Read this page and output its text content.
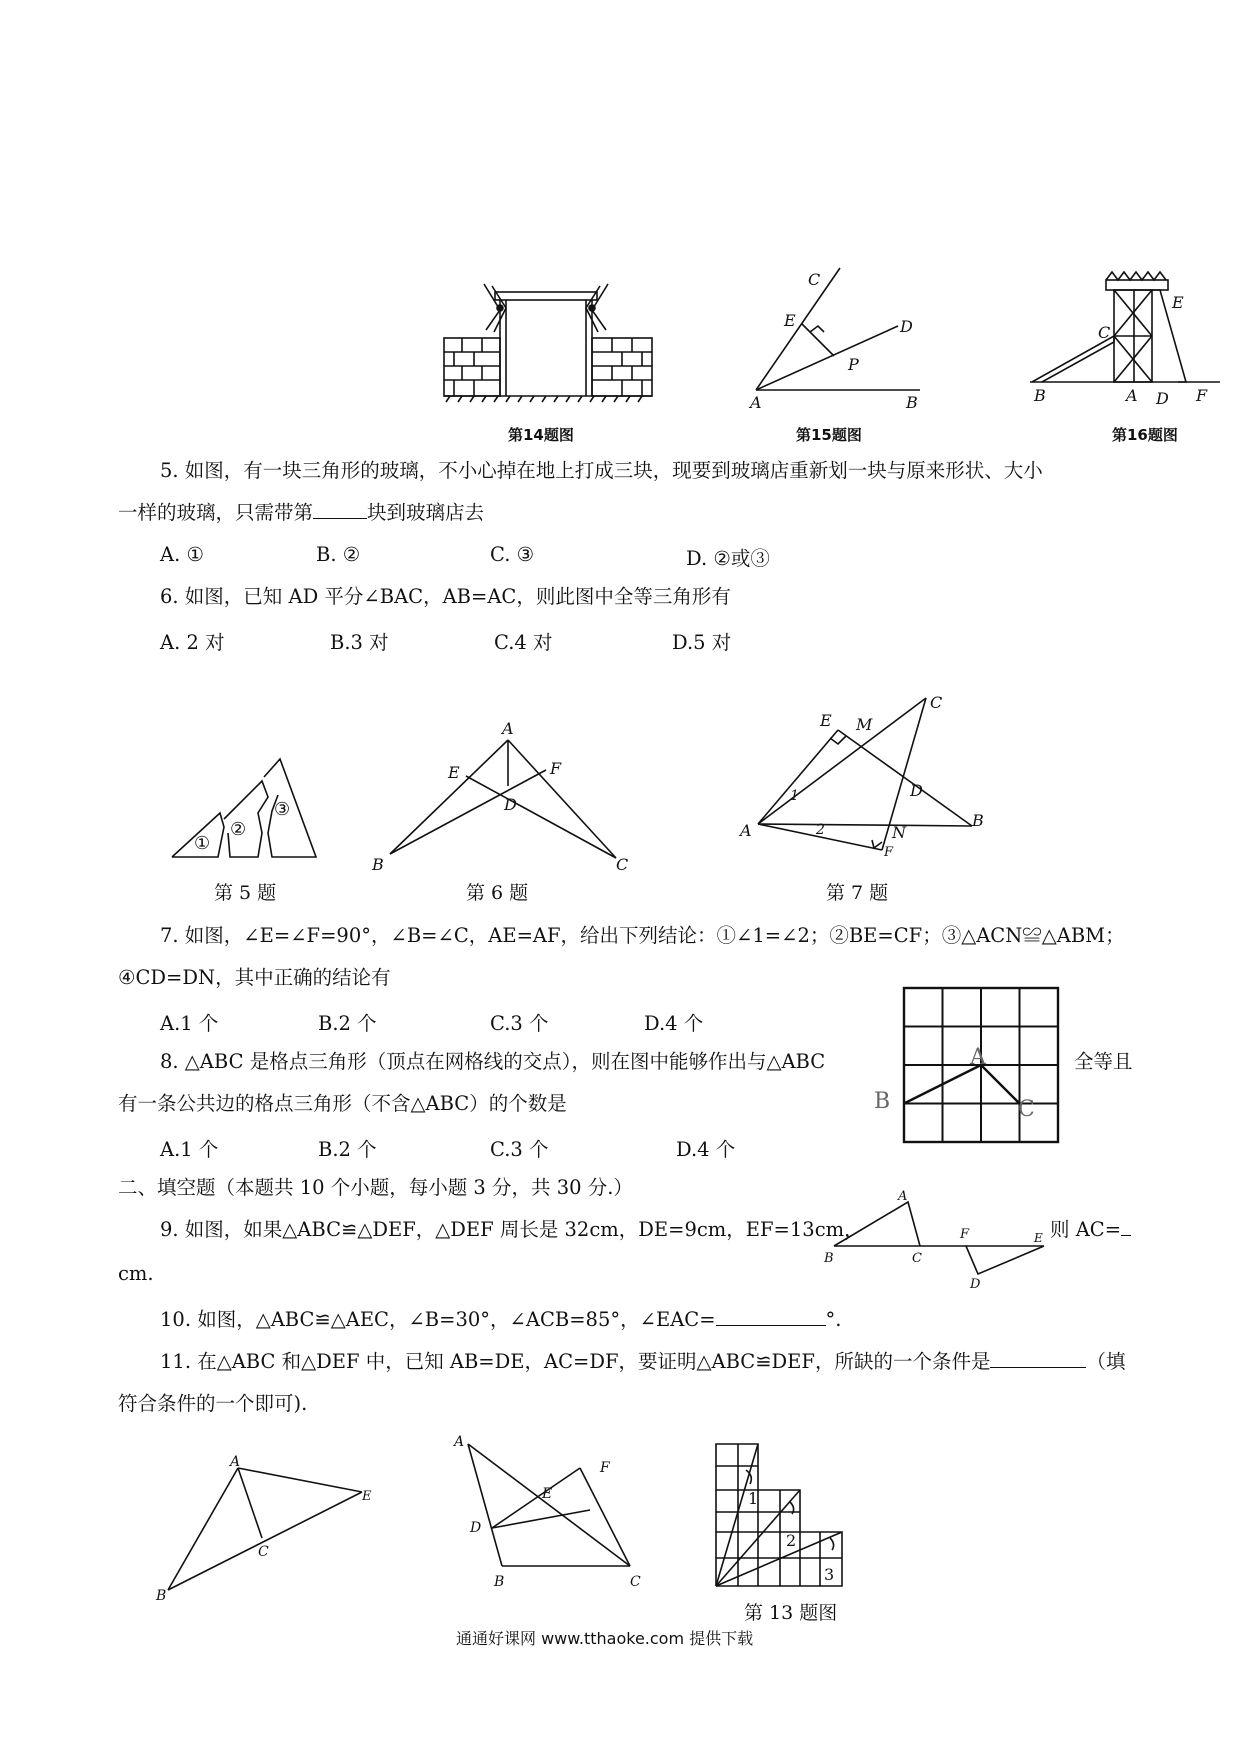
第14题图
C
E	D
P
A	B
第15题图
E
C
B	A D F
第16题图
5. 如图，有一块三角形的玻璃，不小心掉在地上打成三块，现要到玻璃店重新划一块与原来形状、大小
一样的玻璃，只需带第	块到玻璃店去
A. ①	B. ②	C. ③	D. ②或③
6. 如图，已知 AD 平分∠BAC，AB=AC，则此图中全等三角形有
A. 2 对	B.3 对	C.4 对	D.5 对
①
②
③
第 5 题
A
E	F
D
B	C
第 6 题
E M
C
1	D
A	2	N
B
F
第 7 题
7. 如图，∠E=∠F=90°，∠B=∠C，AE=AF，给出下列结论：①∠1=∠2；②BE=CF；③△ACN≌△ABM；
④CD=DN，其中正确的结论有
A.1 个	B.2 个	C.3 个	D.4 个
A
B	C
8. △ABC 是格点三角形（顶点在网格线的交点），则在图中能够作出与△ABC	全等且
有一条公共边的格点三角形（不含△ABC）的个数是
A.1 个	B.2 个	C.3 个	D.4 个
二、填空题（本题共 10 个小题，每小题 3 分，共 30 分.）	A
B	C
F	E
D
9. 如图，如果△ABC≌△DEF，△DEF 周长是 32cm，DE=9cm，EF=13cm，	则 AC=
cm.
10. 如图，△ABC≌△AEC，∠B=30°，∠ACB=85°，∠EAC=	°.
11. 在△ABC 和△DEF 中，已知 AB=DE，AC=DF，要证明△ABC≌DEF，所缺的一个条件是	（填
符合条件的一个即可).
A
E
C
B
A
F
E
D
B	C
1
2
3
第 13 题图
通通好课网 www.tthaoke.com 提供下载
